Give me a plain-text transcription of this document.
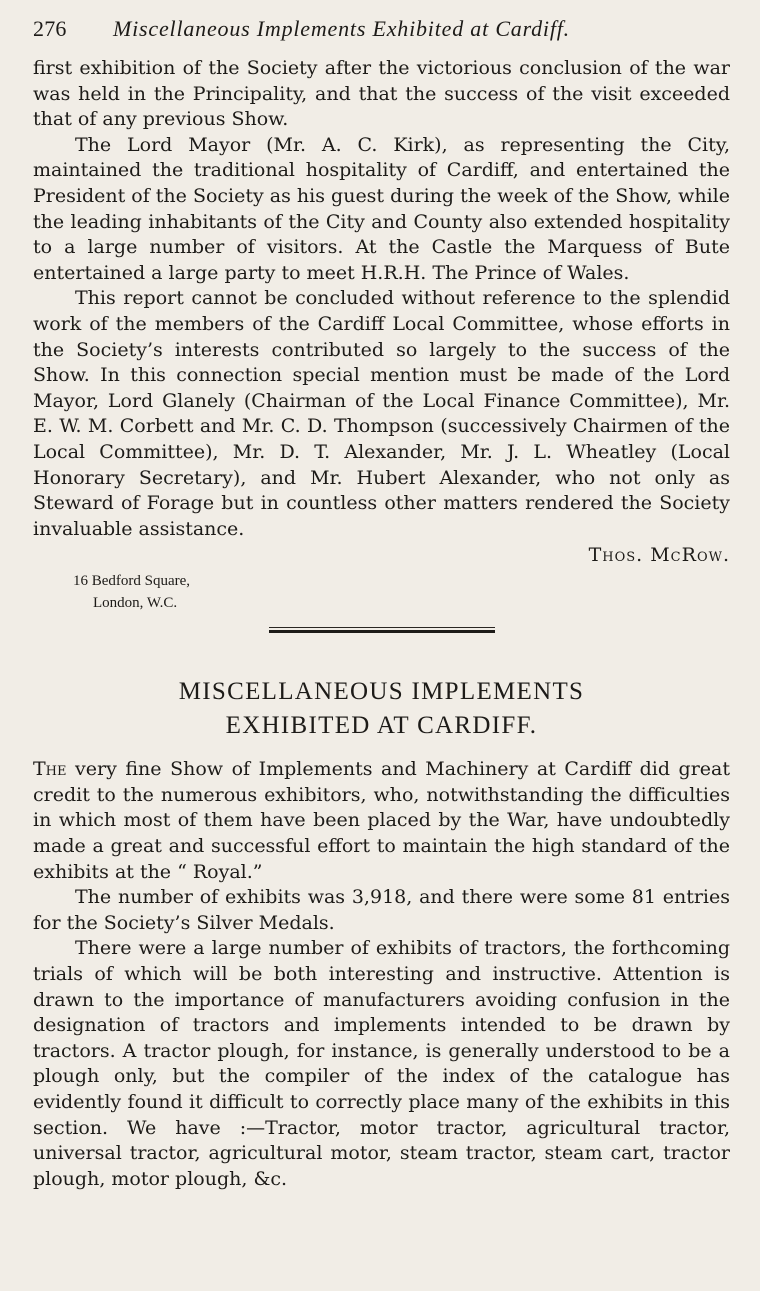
276	Miscellaneous Implements Exhibited at Cardiff.

first exhibition of the Society after the victorious conclusion of the war was held in the Principality, and that the success of the visit exceeded that of any previous Show.

The Lord Mayor (Mr. A. C. Kirk), as representing the City, maintained the traditional hospitality of Cardiff, and entertained the President of the Society as his guest during the week of the Show, while the leading inhabitants of the City and County also extended hospitality to a large number of visitors. At the Castle the Marquess of Bute entertained a large party to meet H.R.H. The Prince of Wales.

This report cannot be concluded without reference to the splendid work of the members of the Cardiff Local Committee, whose efforts in the Society’s interests contributed so largely to the success of the Show. In this connection special mention must be made of the Lord Mayor, Lord Glanely (Chairman of the Local Finance Committee), Mr. E. W. M. Corbett and Mr. C. D. Thompson (successively Chairmen of the Local Committee), Mr. D. T. Alexander, Mr. J. L. Wheatley (Local Honorary Secretary), and Mr. Hubert Alexander, who not only as Steward of Forage but in countless other matters rendered the Society invaluable assistance.

Thos. McRow.
16 Bedford Square,
London, W.C.
MISCELLANEOUS IMPLEMENTS
EXHIBITED AT CARDIFF.

The very fine Show of Implements and Machinery at Cardiff did great credit to the numerous exhibitors, who, notwithstanding the difficulties in which most of them have been placed by the War, have undoubtedly made a great and successful effort to maintain the high standard of the exhibits at the “ Royal.”

The number of exhibits was 3,918, and there were some 81 entries for the Society’s Silver Medals.

There were a large number of exhibits of tractors, the forthcoming trials of which will be both interesting and instructive. Attention is drawn to the importance of manufacturers avoiding confusion in the designation of tractors and implements intended to be drawn by tractors. A tractor plough, for instance, is generally understood to be a plough only, but the compiler of the index of the catalogue has evidently found it difficult to correctly place many of the exhibits in this section. We have :—Tractor, motor tractor, agricultural tractor, universal tractor, agricultural motor, steam tractor, steam cart, tractor plough, motor plough, &c.
